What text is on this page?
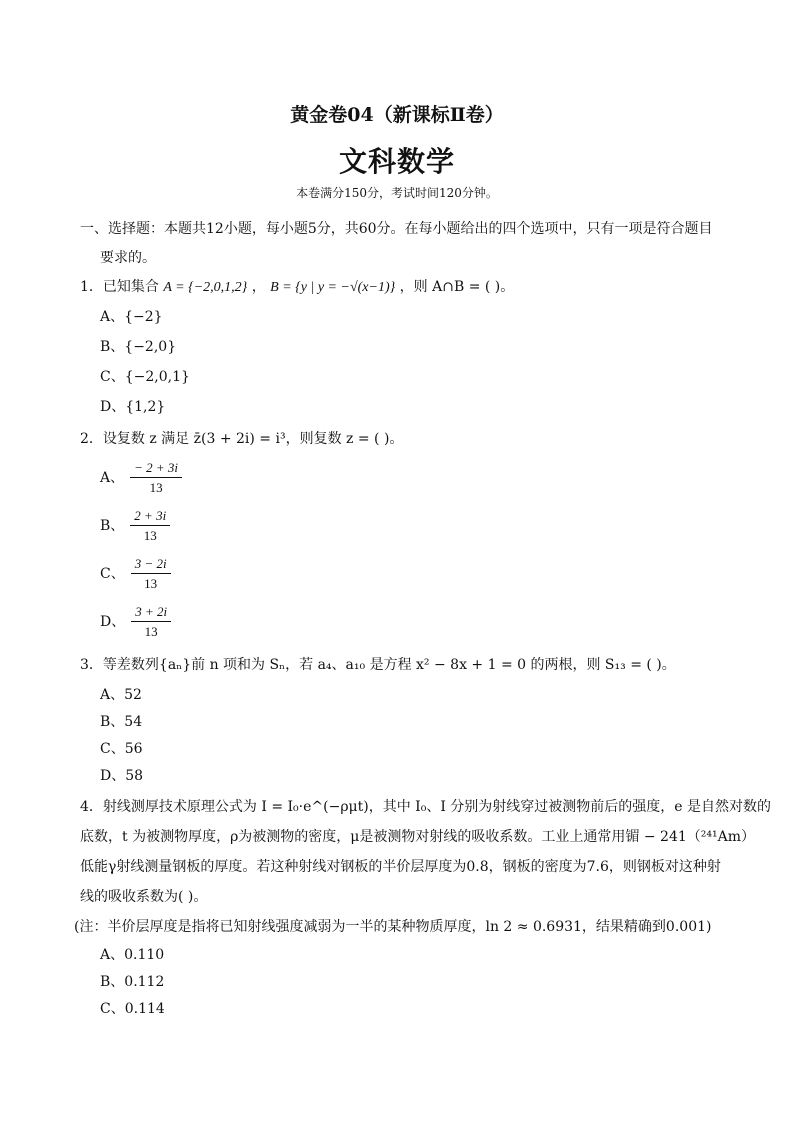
黄金卷04（新课标Ⅱ卷）
文科数学
本卷满分150分，考试时间120分钟。
一、选择题：本题共12小题，每小题5分，共60分。在每小题给出的四个选项中，只有一项是符合题目
要求的。
1．已知集合 A = {−2,0,1,2} ， B = {y | y = −√(x−1)} ，则 A∩B = ( )。
A、{−2}
B、{−2,0}
C、{−2,0,1}
D、{1,2}
2．设复数 z 满足 z̄(3 + 2i) = i³，则复数 z = ( )。
A、 $\frac{- 2 + 3i}{13}$
B、 $\frac{2 + 3i}{13}$
C、 $\frac{3 - 2i}{13}$
D、 $\frac{3 + 2i}{13}$
3．等差数列{aₙ}前 n 项和为 Sₙ，若 a₄、a₁₀ 是方程 x² − 8x + 1 = 0 的两根，则 S₁₃ = ( )。
A、52
B、54
C、56
D、58
4．射线测厚技术原理公式为 I = I₀·e^(−ρμt)，其中 I₀、I 分别为射线穿过被测物前后的强度，e 是自然对数的
底数，t 为被测物厚度，ρ为被测物的密度，μ是被测物对射线的吸收系数。工业上通常用镅 − 241（²⁴¹Am）
低能γ射线测量钢板的厚度。若这种射线对钢板的半价层厚度为0.8，钢板的密度为7.6，则钢板对这种射
线的吸收系数为( )。
(注：半价层厚度是指将已知射线强度减弱为一半的某种物质厚度，ln 2 ≈ 0.6931，结果精确到0.001)
A、0.110
B、0.112
C、0.114
